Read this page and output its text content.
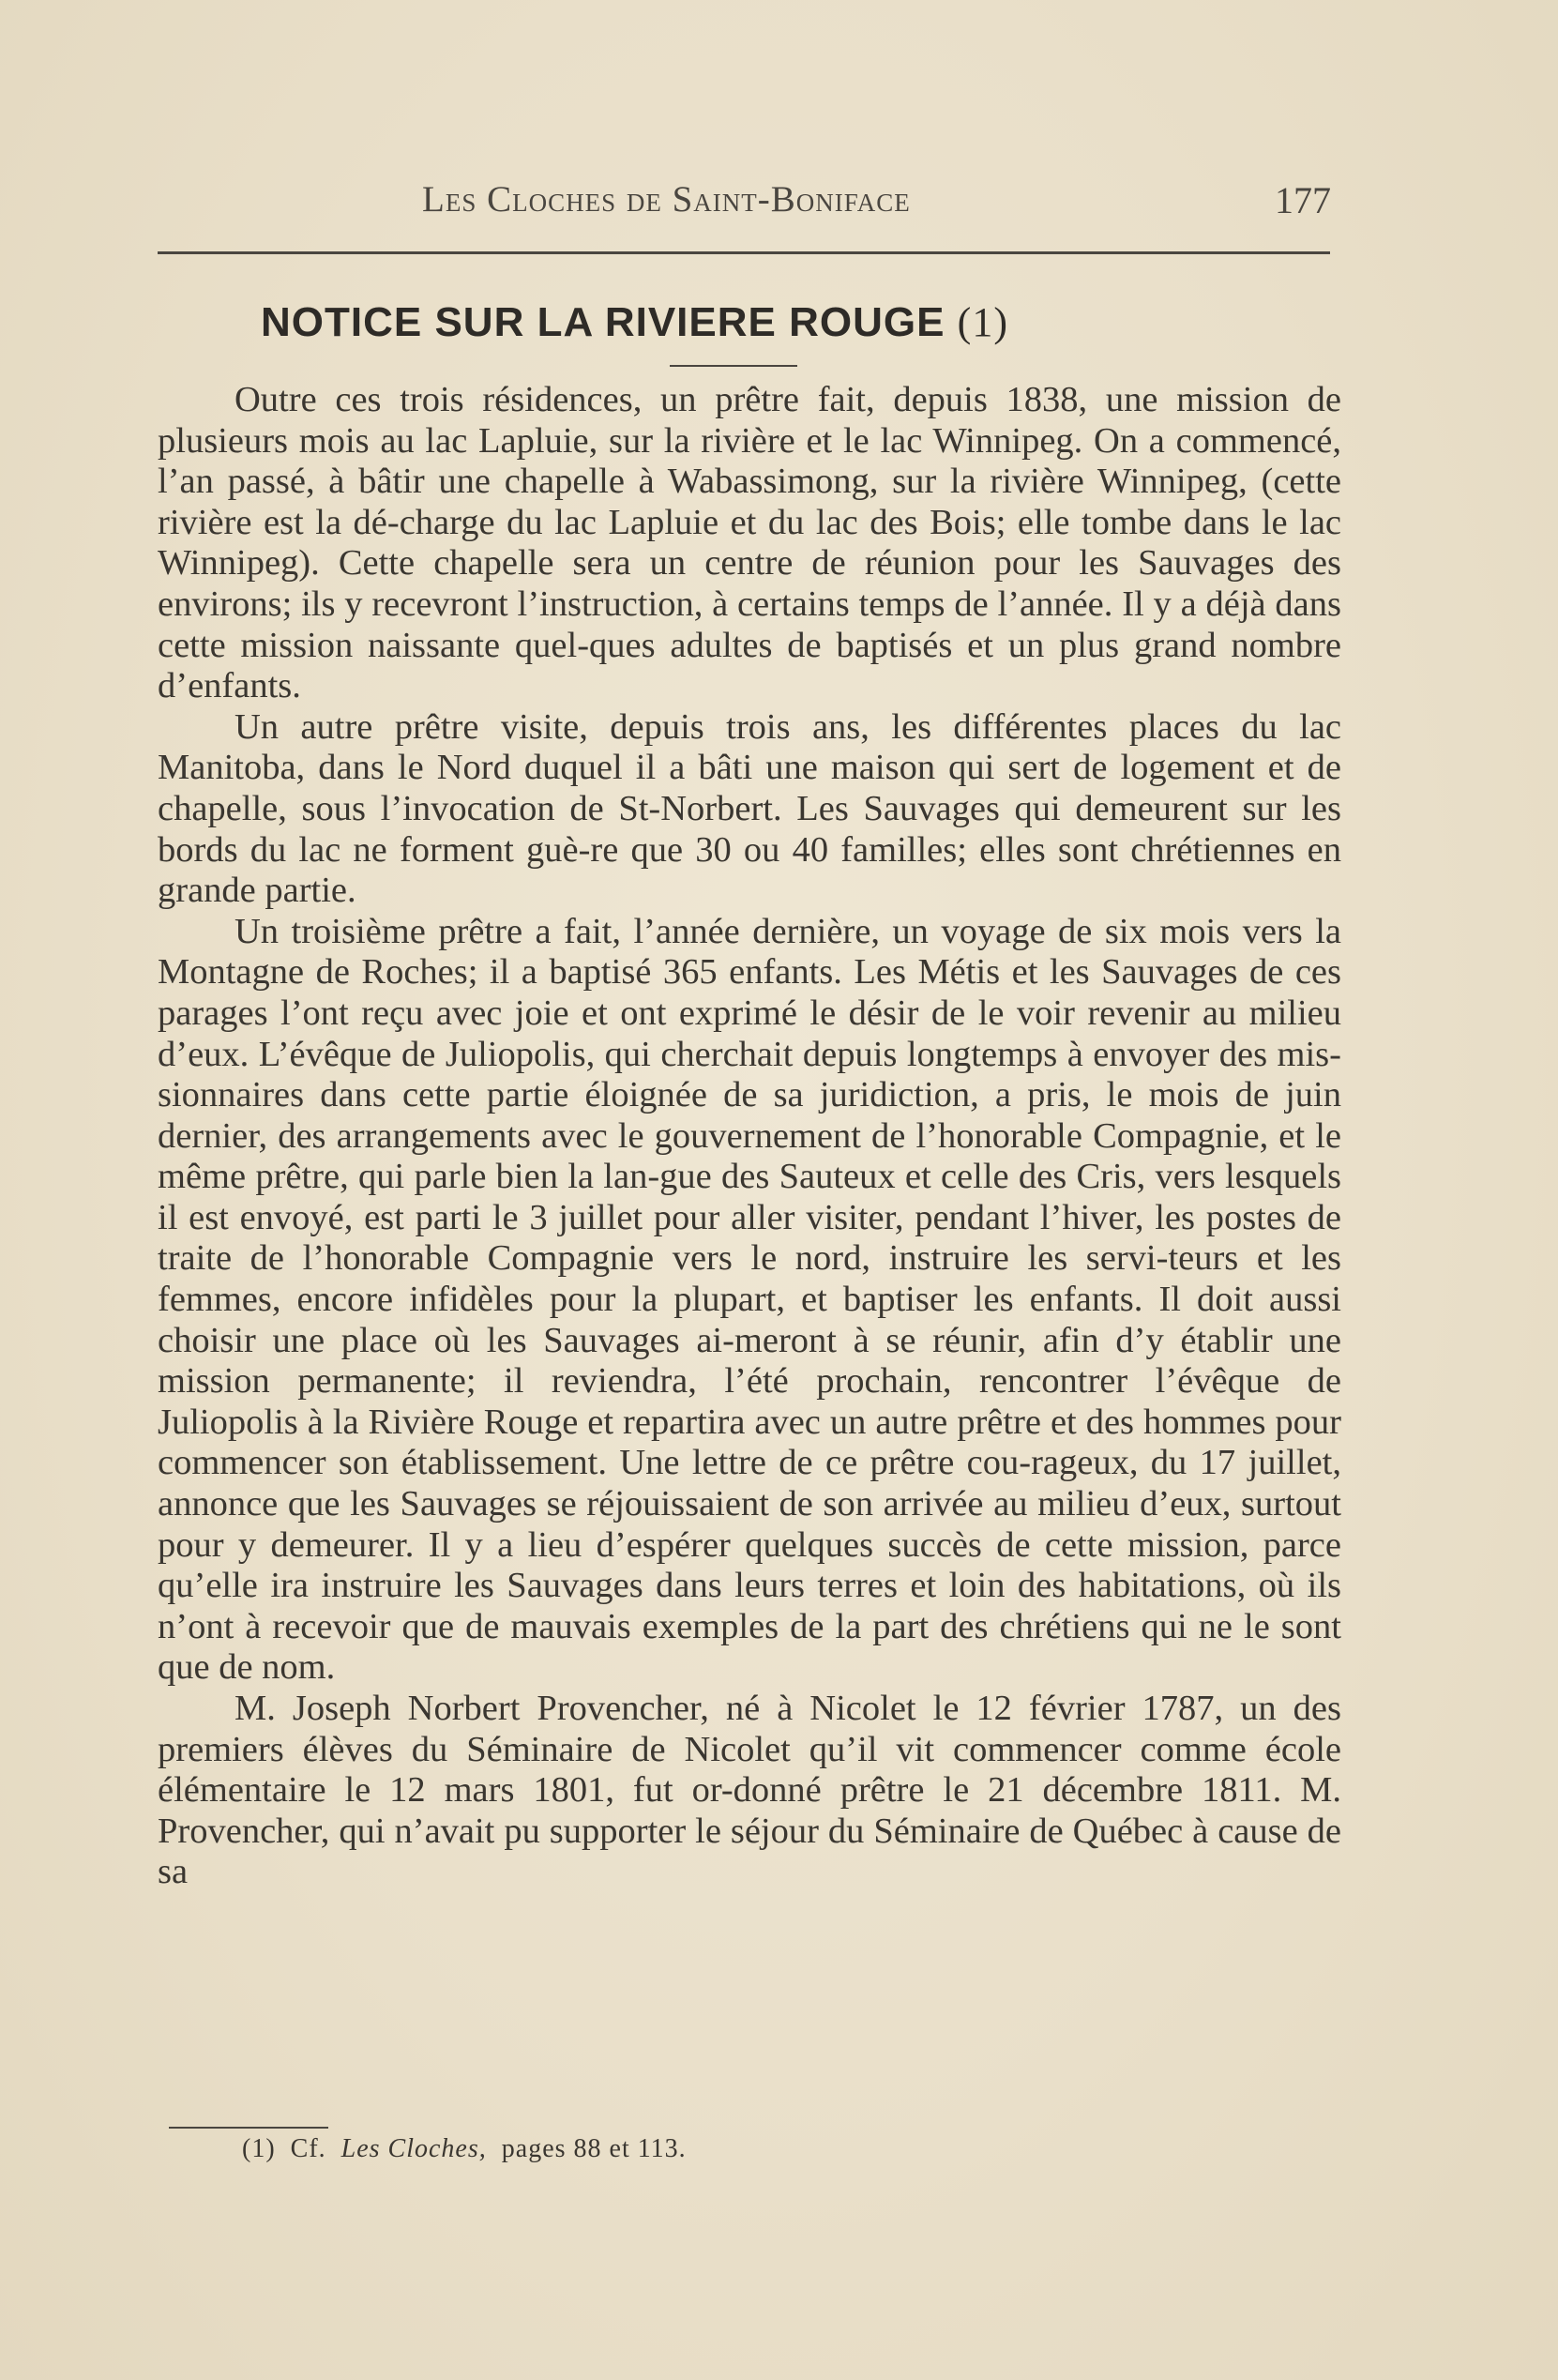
Les Cloches de Saint-Boniface	177
NOTICE SUR LA RIVIERE ROUGE (1)

Outre ces trois résidences, un prêtre fait, depuis 1838, une mission de plusieurs mois au lac Lapluie, sur la rivière et le lac Winnipeg. On a commencé, l’an passé, à bâtir une chapelle à Wabassimong, sur la rivière Winnipeg, (cette rivière est la dé-charge du lac Lapluie et du lac des Bois; elle tombe dans le lac Winnipeg). Cette chapelle sera un centre de réunion pour les Sauvages des environs; ils y recevront l’instruction, à certains temps de l’année. Il y a déjà dans cette mission naissante quel-ques adultes de baptisés et un plus grand nombre d’enfants.

Un autre prêtre visite, depuis trois ans, les différentes places du lac Manitoba, dans le Nord duquel il a bâti une maison qui sert de logement et de chapelle, sous l’invocation de St-Norbert. Les Sauvages qui demeurent sur les bords du lac ne forment guè-re que 30 ou 40 familles; elles sont chrétiennes en grande partie.

Un troisième prêtre a fait, l’année dernière, un voyage de six mois vers la Montagne de Roches; il a baptisé 365 enfants. Les Métis et les Sauvages de ces parages l’ont reçu avec joie et ont exprimé le désir de le voir revenir au milieu d’eux. L’évêque de Juliopolis, qui cherchait depuis longtemps à envoyer des mis-sionnaires dans cette partie éloignée de sa juridiction, a pris, le mois de juin dernier, des arrangements avec le gouvernement de l’honorable Compagnie, et le même prêtre, qui parle bien la lan-gue des Sauteux et celle des Cris, vers lesquels il est envoyé, est parti le 3 juillet pour aller visiter, pendant l’hiver, les postes de traite de l’honorable Compagnie vers le nord, instruire les servi-teurs et les femmes, encore infidèles pour la plupart, et baptiser les enfants. Il doit aussi choisir une place où les Sauvages ai-meront à se réunir, afin d’y établir une mission permanente; il reviendra, l’été prochain, rencontrer l’évêque de Juliopolis à la Rivière Rouge et repartira avec un autre prêtre et des hommes pour commencer son établissement. Une lettre de ce prêtre cou-rageux, du 17 juillet, annonce que les Sauvages se réjouissaient de son arrivée au milieu d’eux, surtout pour y demeurer. Il y a lieu d’espérer quelques succès de cette mission, parce qu’elle ira instruire les Sauvages dans leurs terres et loin des habitations, où ils n’ont à recevoir que de mauvais exemples de la part des chrétiens qui ne le sont que de nom.

M. Joseph Norbert Provencher, né à Nicolet le 12 février 1787, un des premiers élèves du Séminaire de Nicolet qu’il vit commencer comme école élémentaire le 12 mars 1801, fut or-donné prêtre le 21 décembre 1811. M. Provencher, qui n’avait pu supporter le séjour du Séminaire de Québec à cause de sa

(1) Cf. Les Cloches, pages 88 et 113.
